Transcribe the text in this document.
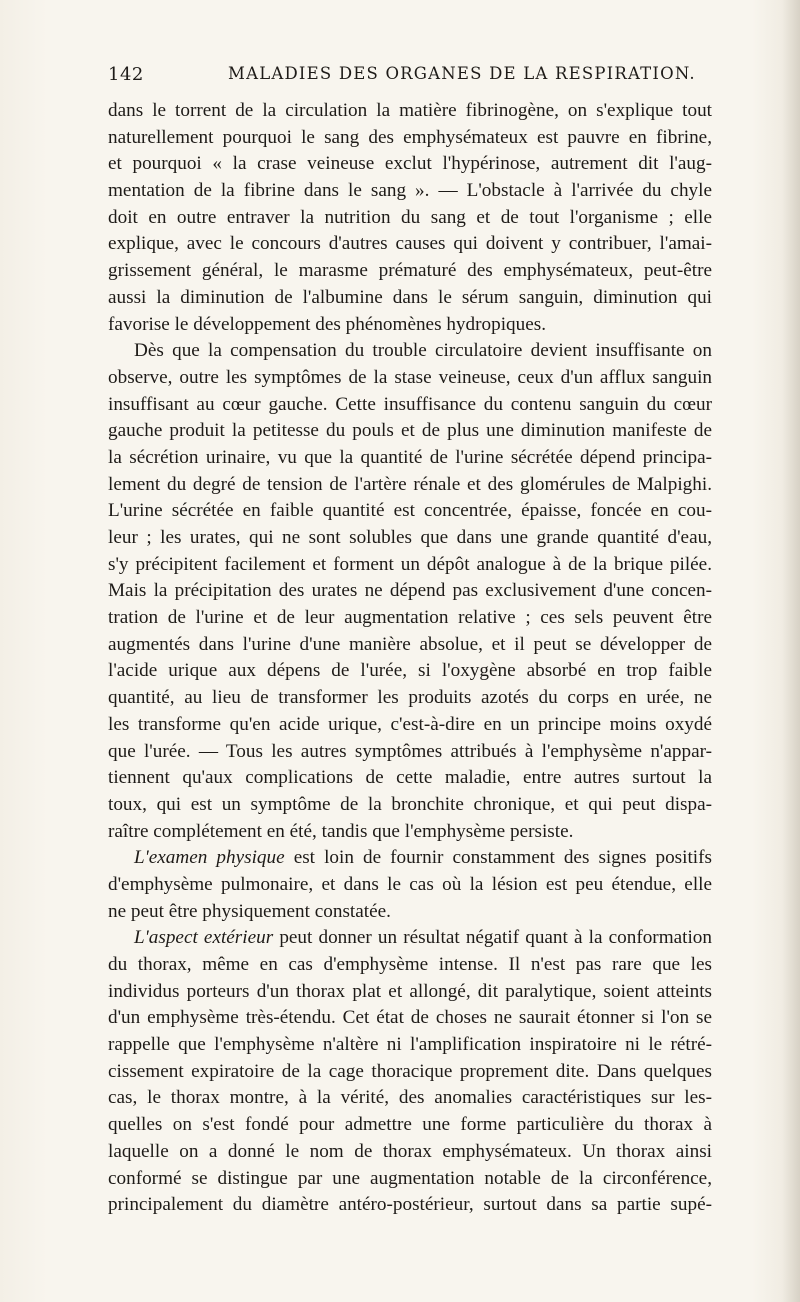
142	MALADIES DES ORGANES DE LA RESPIRATION.
dans le torrent de la circulation la matière fibrinogène, on s'explique tout
naturellement pourquoi le sang des emphysémateux est pauvre en fibrine,
et pourquoi « la crase veineuse exclut l'hypérinose, autrement dit l'aug-
mentation de la fibrine dans le sang ». — L'obstacle à l'arrivée du chyle
doit en outre entraver la nutrition du sang et de tout l'organisme ; elle
explique, avec le concours d'autres causes qui doivent y contribuer, l'amai-
grissement général, le marasme prématuré des emphysémateux, peut-être
aussi la diminution de l'albumine dans le sérum sanguin, diminution qui
favorise le développement des phénomènes hydropiques.
Dès que la compensation du trouble circulatoire devient insuffisante on
observe, outre les symptômes de la stase veineuse, ceux d'un afflux sanguin
insuffisant au cœur gauche. Cette insuffisance du contenu sanguin du cœur
gauche produit la petitesse du pouls et de plus une diminution manifeste de
la sécrétion urinaire, vu que la quantité de l'urine sécrétée dépend principa-
lement du degré de tension de l'artère rénale et des glomérules de Malpighi.
L'urine sécrétée en faible quantité est concentrée, épaisse, foncée en cou-
leur ; les urates, qui ne sont solubles que dans une grande quantité d'eau,
s'y précipitent facilement et forment un dépôt analogue à de la brique pilée.
Mais la précipitation des urates ne dépend pas exclusivement d'une concen-
tration de l'urine et de leur augmentation relative ; ces sels peuvent être
augmentés dans l'urine d'une manière absolue, et il peut se développer de
l'acide urique aux dépens de l'urée, si l'oxygène absorbé en trop faible
quantité, au lieu de transformer les produits azotés du corps en urée, ne
les transforme qu'en acide urique, c'est-à-dire en un principe moins oxydé
que l'urée. — Tous les autres symptômes attribués à l'emphysème n'appar-
tiennent qu'aux complications de cette maladie, entre autres surtout la
toux, qui est un symptôme de la bronchite chronique, et qui peut dispa-
raître complétement en été, tandis que l'emphysème persiste.
L'examen physique est loin de fournir constamment des signes positifs
d'emphysème pulmonaire, et dans le cas où la lésion est peu étendue, elle
ne peut être physiquement constatée.
L'aspect extérieur peut donner un résultat négatif quant à la conformation
du thorax, même en cas d'emphysème intense. Il n'est pas rare que les
individus porteurs d'un thorax plat et allongé, dit paralytique, soient atteints
d'un emphysème très-étendu. Cet état de choses ne saurait étonner si l'on se
rappelle que l'emphysème n'altère ni l'amplification inspiratoire ni le rétré-
cissement expiratoire de la cage thoracique proprement dite. Dans quelques
cas, le thorax montre, à la vérité, des anomalies caractéristiques sur les-
quelles on s'est fondé pour admettre une forme particulière du thorax à
laquelle on a donné le nom de thorax emphysémateux. Un thorax ainsi
conformé se distingue par une augmentation notable de la circonférence,
principalement du diamètre antéro-postérieur, surtout dans sa partie supé-
